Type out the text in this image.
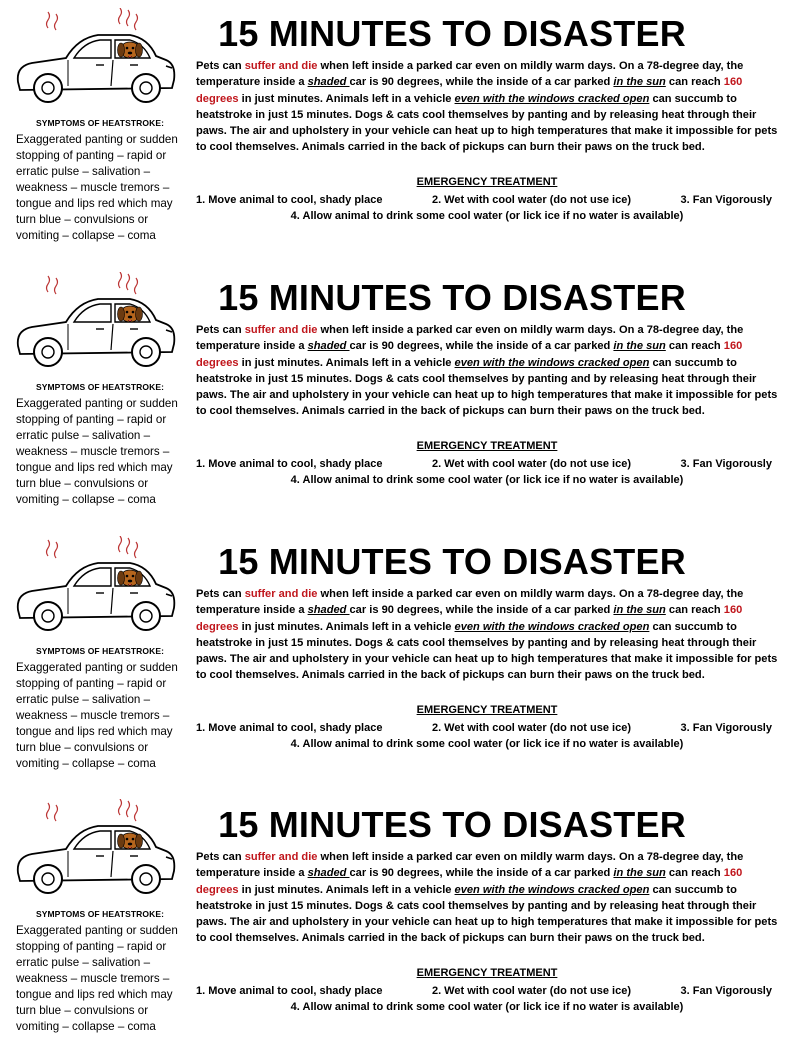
SYMPTOMS OF HEATSTROKE:
Exaggerated panting or sudden stopping of panting – rapid or erratic pulse – salivation – weakness – muscle tremors – tongue and lips red which may turn blue – convulsions or vomiting – collapse – coma
15 MINUTES TO DISASTER
Pets can suffer and die when left inside a parked car even on mildly warm days. On a 78-degree day, the temperature inside a shaded car is 90 degrees, while the inside of a car parked in the sun can reach 160 degrees in just minutes. Animals left in a vehicle even with the windows cracked open can succumb to heatstroke in just 15 minutes. Dogs & cats cool themselves by panting and by releasing heat through their paws. The air and upholstery in your vehicle can heat up to high temperatures that make it impossible for pets to cool themselves. Animals carried in the back of pickups can burn their paws on the truck bed.
EMERGENCY TREATMENT
1. Move animal to cool, shady place	2. Wet with cool water (do not use ice)	3. Fan Vigorously
4. Allow animal to drink some cool water (or lick ice if no water is available)
SYMPTOMS OF HEATSTROKE:
Exaggerated panting or sudden stopping of panting – rapid or erratic pulse – salivation – weakness – muscle tremors – tongue and lips red which may turn blue – convulsions or vomiting – collapse – coma
15 MINUTES TO DISASTER
Pets can suffer and die when left inside a parked car even on mildly warm days. On a 78-degree day, the temperature inside a shaded car is 90 degrees, while the inside of a car parked in the sun can reach 160 degrees in just minutes. Animals left in a vehicle even with the windows cracked open can succumb to heatstroke in just 15 minutes. Dogs & cats cool themselves by panting and by releasing heat through their paws. The air and upholstery in your vehicle can heat up to high temperatures that make it impossible for pets to cool themselves. Animals carried in the back of pickups can burn their paws on the truck bed.
EMERGENCY TREATMENT
1. Move animal to cool, shady place	2. Wet with cool water (do not use ice)	3. Fan Vigorously
4. Allow animal to drink some cool water (or lick ice if no water is available)
SYMPTOMS OF HEATSTROKE:
Exaggerated panting or sudden stopping of panting – rapid or erratic pulse – salivation – weakness – muscle tremors – tongue and lips red which may turn blue – convulsions or vomiting – collapse – coma
15 MINUTES TO DISASTER
Pets can suffer and die when left inside a parked car even on mildly warm days. On a 78-degree day, the temperature inside a shaded car is 90 degrees, while the inside of a car parked in the sun can reach 160 degrees in just minutes. Animals left in a vehicle even with the windows cracked open can succumb to heatstroke in just 15 minutes. Dogs & cats cool themselves by panting and by releasing heat through their paws. The air and upholstery in your vehicle can heat up to high temperatures that make it impossible for pets to cool themselves. Animals carried in the back of pickups can burn their paws on the truck bed.
EMERGENCY TREATMENT
1. Move animal to cool, shady place	2. Wet with cool water (do not use ice)	3. Fan Vigorously
4. Allow animal to drink some cool water (or lick ice if no water is available)
SYMPTOMS OF HEATSTROKE:
Exaggerated panting or sudden stopping of panting – rapid or erratic pulse – salivation – weakness – muscle tremors – tongue and lips red which may turn blue – convulsions or vomiting – collapse – coma
15 MINUTES TO DISASTER
Pets can suffer and die when left inside a parked car even on mildly warm days. On a 78-degree day, the temperature inside a shaded car is 90 degrees, while the inside of a car parked in the sun can reach 160 degrees in just minutes. Animals left in a vehicle even with the windows cracked open can succumb to heatstroke in just 15 minutes. Dogs & cats cool themselves by panting and by releasing heat through their paws. The air and upholstery in your vehicle can heat up to high temperatures that make it impossible for pets to cool themselves. Animals carried in the back of pickups can burn their paws on the truck bed.
EMERGENCY TREATMENT
1. Move animal to cool, shady place	2. Wet with cool water (do not use ice)	3. Fan Vigorously
4. Allow animal to drink some cool water (or lick ice if no water is available)
